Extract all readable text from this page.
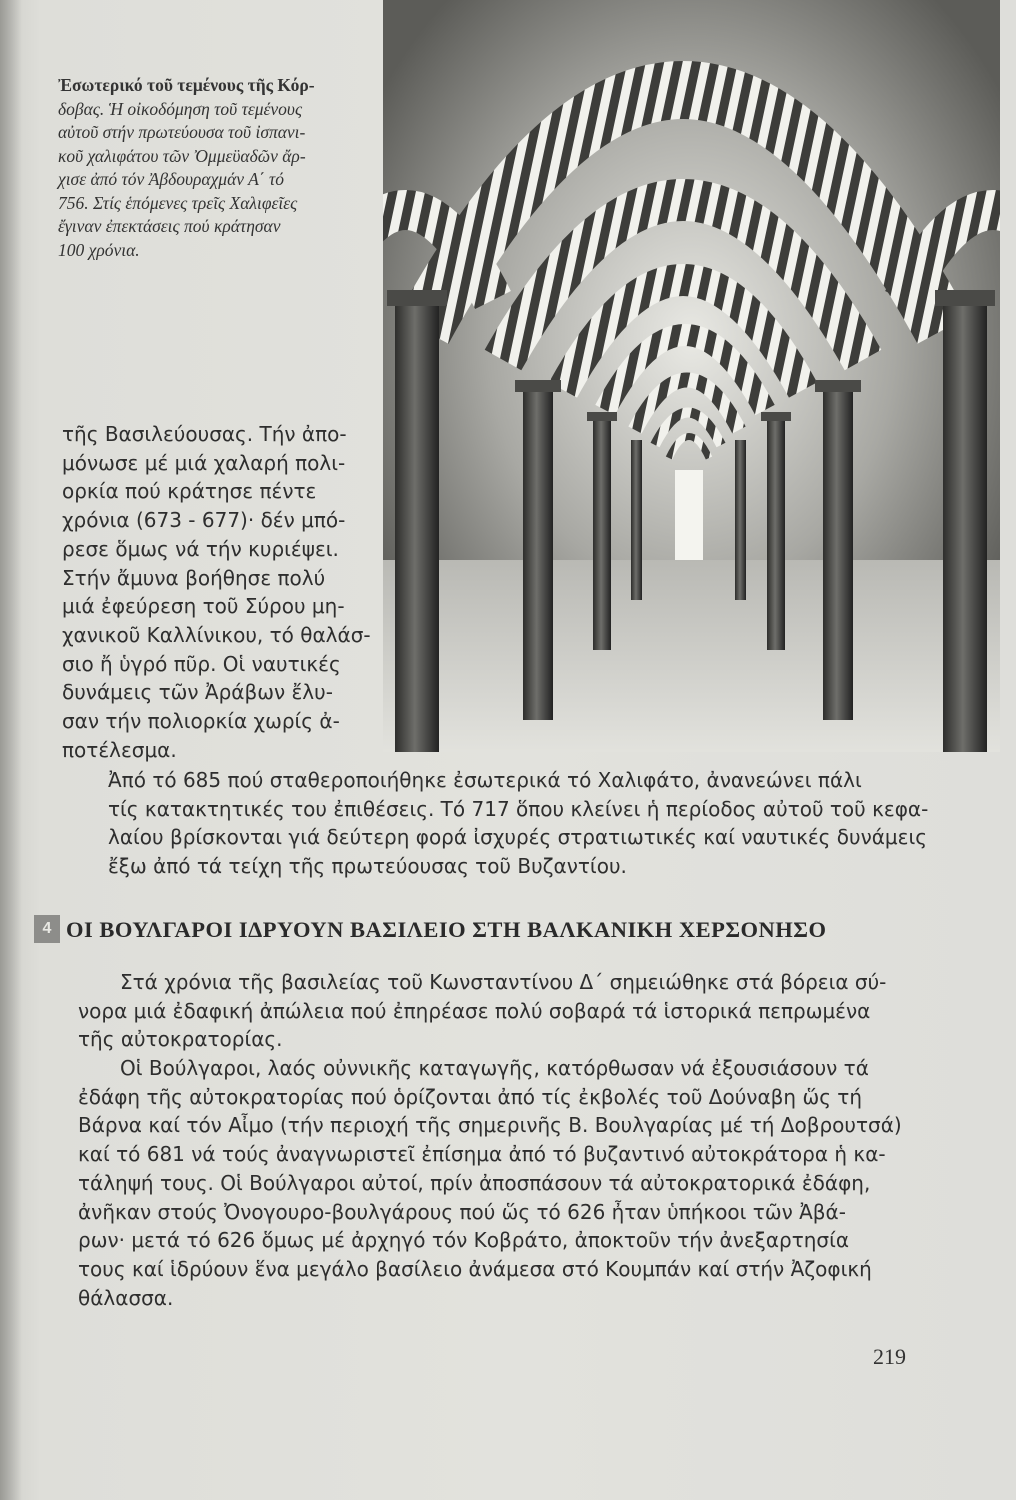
Ἐσωτερικό τοῦ τεμένους τῆς Κόρ-
δοβας. Ἡ οἰκοδόμηση τοῦ τεμένους
αὐτοῦ στήν πρωτεύουσα τοῦ ἰσπανι-
κοῦ χαλιφάτου τῶν Ὀμμεϋαδῶν ἄρ-
χισε ἀπό τόν Ἀβδουραχμάν Α΄ τό
756. Στίς ἑπόμενες τρεῖς Χαλιφεῖες
ἔγιναν ἐπεκτάσεις πού κράτησαν
100 χρόνια.
τῆς Βασιλεύουσας. Τήν ἀπο-
μόνωσε μέ μιά χαλαρή πολι-
ορκία πού κράτησε πέντε
χρόνια (673 - 677)· δέν μπό-
ρεσε ὅμως νά τήν κυριέψει.
Στήν ἄμυνα βοήθησε πολύ
μιά ἐφεύρεση τοῦ Σύρου μη-
χανικοῦ Καλλίνικου, τό θαλάσ-
σιο ἤ ὑγρό πῦρ. Οἱ ναυτικές
δυνάμεις τῶν Ἀράβων ἔλυ-
σαν τήν πολιορκία χωρίς ἀ-
ποτέλεσμα.
Ἀπό τό 685 πού σταθεροποιήθηκε ἐσωτερικά τό Χαλιφάτο, ἀνανεώνει πάλι
τίς κατακτητικές του ἐπιθέσεις. Τό 717 ὅπου κλείνει ἡ περίοδος αὐτοῦ τοῦ κεφα-
λαίου βρίσκονται γιά δεύτερη φορά ἰσχυρές στρατιωτικές καί ναυτικές δυνάμεις
ἔξω ἀπό τά τείχη τῆς πρωτεύουσας τοῦ Βυζαντίου.
4 ΟΙ ΒΟΥΛΓΑΡΟΙ ΙΔΡΥΟΥΝ ΒΑΣΙΛΕΙΟ ΣΤΗ ΒΑΛΚΑΝΙΚΗ ΧΕΡΣΟΝΗΣΟ
Στά χρόνια τῆς βασιλείας τοῦ Κωνσταντίνου Δ΄ σημειώθηκε στά βόρεια σύ-
νορα μιά ἐδαφική ἀπώλεια πού ἐπηρέασε πολύ σοβαρά τά ἱστορικά πεπρωμένα
τῆς αὐτοκρατορίας.
Οἱ Βούλγαροι, λαός οὐννικῆς καταγωγῆς, κατόρθωσαν νά ἐξουσιάσουν τά
ἐδάφη τῆς αὐτοκρατορίας πού ὁρίζονται ἀπό τίς ἐκβολές τοῦ Δούναβη ὥς τή
Βάρνα καί τόν Αἶμο (τήν περιοχή τῆς σημερινῆς Β. Βουλγαρίας μέ τή Δοβρουτσά)
καί τό 681 νά τούς ἀναγνωριστεῖ ἐπίσημα ἀπό τό βυζαντινό αὐτοκράτορα ἡ κα-
τάληψή τους. Οἱ Βούλγαροι αὐτοί, πρίν ἀποσπάσουν τά αὐτοκρατορικά ἐδάφη,
ἀνῆκαν στούς Ὀνογουρο-βουλγάρους πού ὥς τό 626 ἦταν ὑπήκοοι τῶν Ἀβά-
ρων· μετά τό 626 ὅμως μέ ἀρχηγό τόν Κοβράτο, ἀποκτοῦν τήν ἀνεξαρτησία
τους καί ἱδρύουν ἕνα μεγάλο βασίλειο ἀνάμεσα στό Κουμπάν καί στήν Ἀζοφική
θάλασσα.
219
